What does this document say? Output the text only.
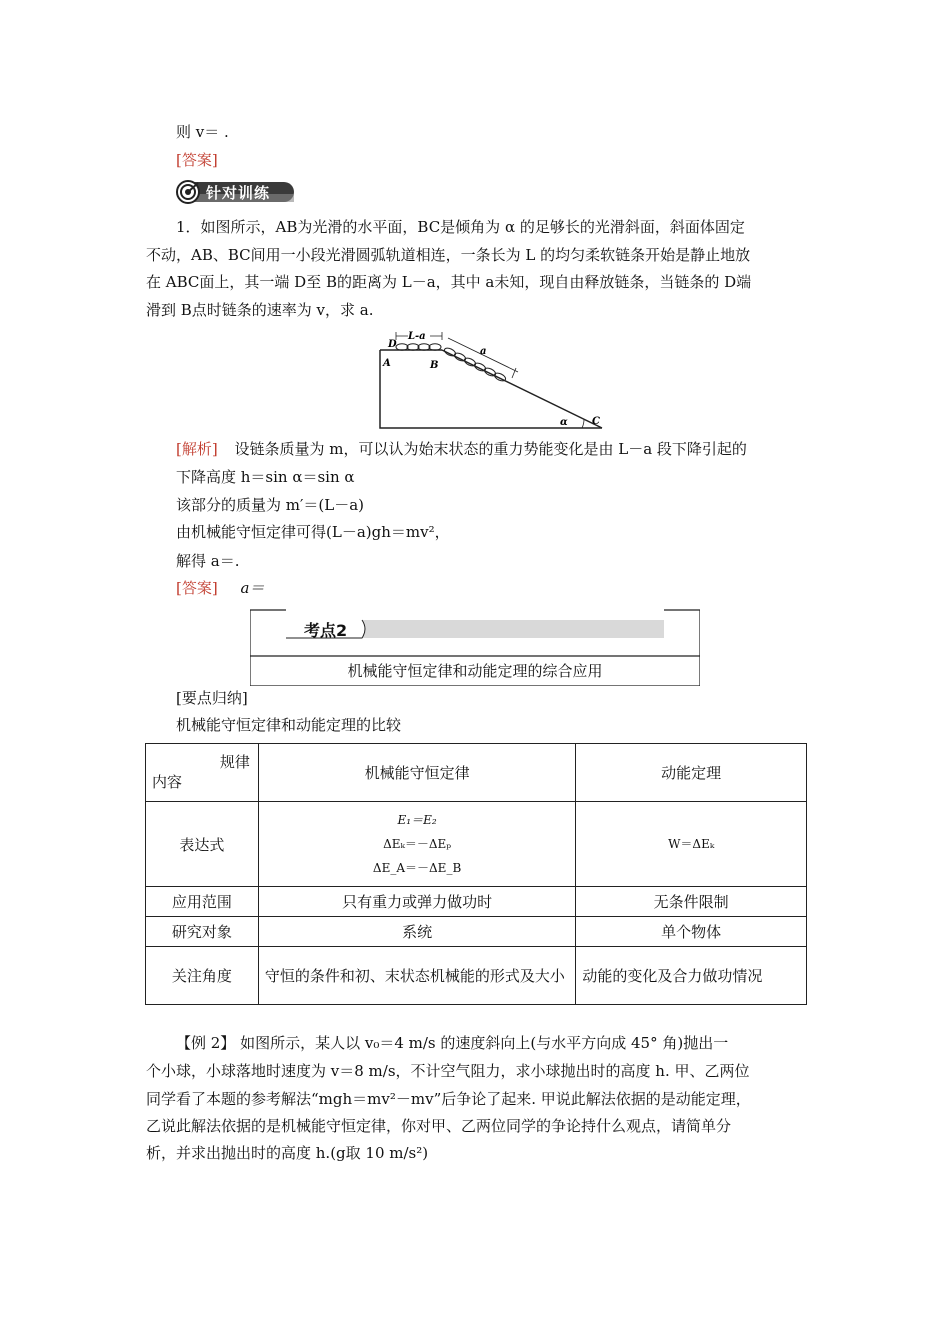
则 v＝ .
[答案]
针对训练
1．如图所示，AB为光滑的水平面，BC是倾角为 α 的足够长的光滑斜面，斜面体固定
不动，AB、BC间用一小段光滑圆弧轨道相连，一条长为 L 的均匀柔软链条开始是静止地放
在 ABC面上，其一端 D至 B的距离为 L－a，其中 a未知，现自由释放链条，当链条的 D端
滑到 B点时链条的速率为 v，求 a.
L-a
a
D
A	B
C
α
[解析] 设链条质量为 m，可以认为始末状态的重力势能变化是由 L－a 段下降引起的
下降高度 h＝sin α＝sin α
该部分的质量为 m′＝(L－a)
由机械能守恒定律可得(L－a)gh＝mv²，
解得 a＝.
[答案] a＝
考点2
机械能守恒定律和动能定理的综合应用
[要点归纳]
机械能守恒定律和动能定理的比较
规律
内容	机械能守恒定律	动能定理
表达式	E₁＝E₂
ΔEₖ＝－ΔEₚ
ΔE_A＝－ΔE_B	W＝ΔEₖ
应用范围	只有重力或弹力做功时	无条件限制
研究对象	系统	单个物体
关注角度	守恒的条件和初、末状态机械能的形式及大小	动能的变化及合力做功情况
【例 2】 如图所示，某人以 v₀＝4 m/s 的速度斜向上(与水平方向成 45° 角)抛出一
个小球，小球落地时速度为 v＝8 m/s，不计空气阻力，求小球抛出时的高度 h. 甲、乙两位
同学看了本题的参考解法“mgh＝mv²－mv”后争论了起来. 甲说此解法依据的是动能定理，
乙说此解法依据的是机械能守恒定律，你对甲、乙两位同学的争论持什么观点，请简单分
析，并求出抛出时的高度 h.(g取 10 m/s²)
